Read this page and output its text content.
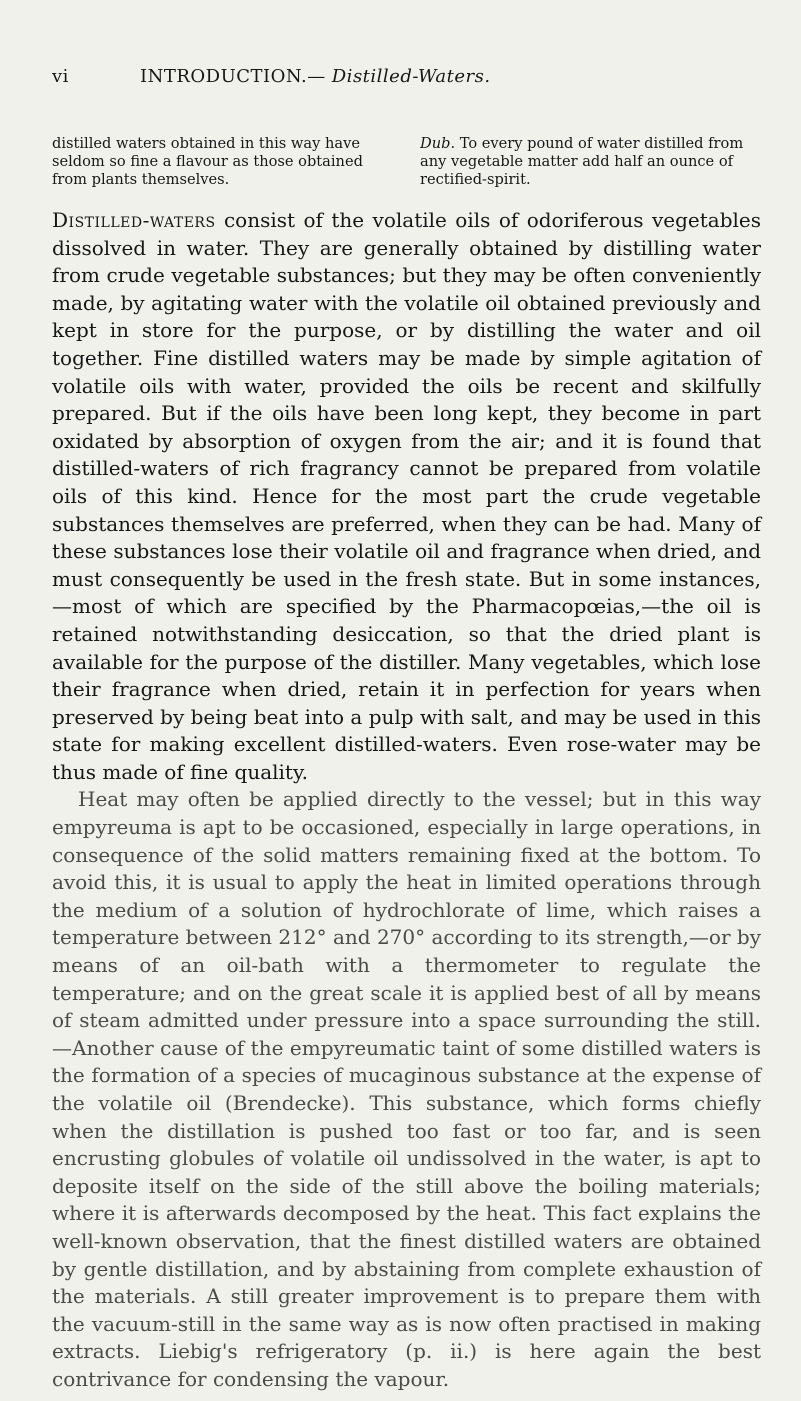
vi	INTRODUCTION.— Distilled-Waters.
distilled waters obtained in this way have seldom so fine a flavour as those obtained from plants themselves.
Dub. To every pound of water distilled from any vegetable matter add half an ounce of rectified-spirit.

Distilled-waters consist of the volatile oils of odoriferous vegetables dissolved in water. They are generally obtained by distilling water from crude vegetable substances; but they may be often conveniently made, by agitating water with the volatile oil obtained previously and kept in store for the purpose, or by distilling the water and oil together. Fine distilled waters may be made by simple agitation of volatile oils with water, provided the oils be recent and skilfully prepared. But if the oils have been long kept, they become in part oxidated by absorption of oxygen from the air; and it is found that distilled-waters of rich fragrancy cannot be prepared from volatile oils of this kind. Hence for the most part the crude vegetable substances themselves are preferred, when they can be had. Many of these substances lose their volatile oil and fragrance when dried, and must consequently be used in the fresh state. But in some instances,—most of which are specified by the Pharmacopœias,—the oil is retained notwithstanding desiccation, so that the dried plant is available for the purpose of the distiller. Many vegetables, which lose their fragrance when dried, retain it in perfection for years when preserved by being beat into a pulp with salt, and may be used in this state for making excellent distilled-waters. Even rose-water may be thus made of fine quality.

Heat may often be applied directly to the vessel; but in this way empyreuma is apt to be occasioned, especially in large operations, in consequence of the solid matters remaining fixed at the bottom. To avoid this, it is usual to apply the heat in limited operations through the medium of a solution of hydrochlorate of lime, which raises a temperature between 212° and 270° according to its strength,—or by means of an oil-bath with a thermometer to regulate the temperature; and on the great scale it is applied best of all by means of steam admitted under pressure into a space surrounding the still.—Another cause of the empyreumatic taint of some distilled waters is the formation of a species of mucaginous substance at the expense of the volatile oil (Brendecke). This substance, which forms chiefly when the distillation is pushed too fast or too far, and is seen encrusting globules of volatile oil undissolved in the water, is apt to deposite itself on the side of the still above the boiling materials; where it is afterwards decomposed by the heat. This fact explains the well-known observation, that the finest distilled waters are obtained by gentle distillation, and by abstaining from complete exhaustion of the materials. A still greater improvement is to prepare them with the vacuum-still in the same way as is now often practised in making extracts. Liebig's refrigeratory (p. ii.) is here again the best contrivance for condensing the vapour.
